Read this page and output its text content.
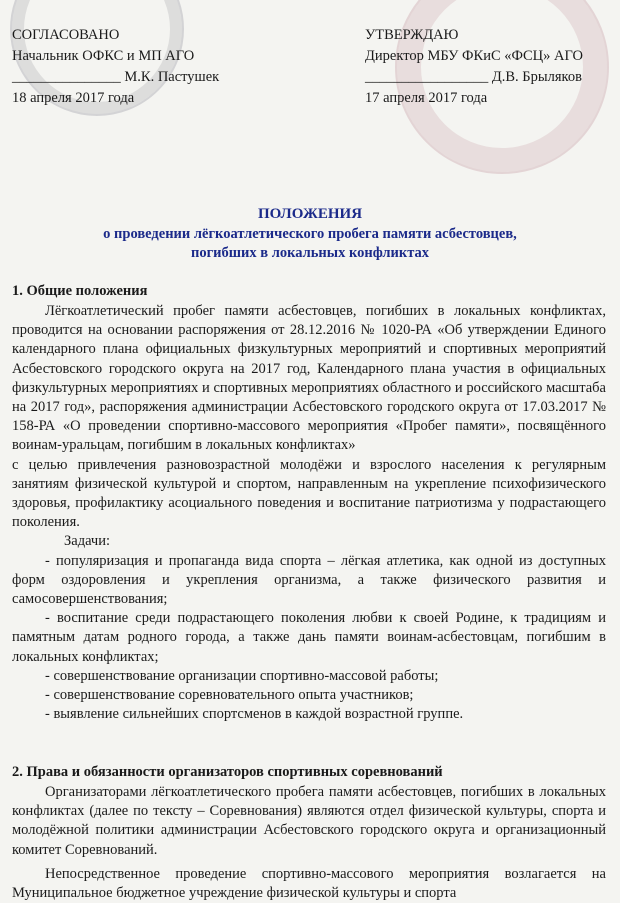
СОГЛАСОВАНО
Начальник ОФКС и МП АГО
_______________ М.К. Пастушек
18 апреля 2017 года
УТВЕРЖДАЮ
Директор МБУ ФКиС «ФСЦ» АГО
_________________ Д.В. Брыляков
17 апреля 2017 года
ПОЛОЖЕНИЯ
о проведении лёгкоатлетического пробега памяти асбестовцев,
погибших в локальных конфликтах
1. Общие положения

Лёгкоатлетический пробег памяти асбестовцев, погибших в локальных конфликтах, проводится на основании распоряжения от 28.12.2016 № 1020-РА «Об утверждении Единого календарного плана официальных физкультурных мероприятий и спортивных мероприятий Асбестовского городского округа на 2017 год, Календарного плана участия в официальных физкультурных мероприятиях и спортивных мероприятиях областного и российского масштаба на 2017 год», распоряжения администрации Асбестовского городского округа от 17.03.2017 № 158-РА «О проведении спортивно-массового мероприятия «Пробег памяти», посвящённого воинам-уральцам, погибшим в локальных конфликтах»

с целью привлечения разновозрастной молодёжи и взрослого населения к регулярным занятиям физической культурой и спортом, направленным на укрепление психофизического здоровья, профилактику асоциального поведения и воспитание патриотизма у подрастающего поколения.

Задачи:

- популяризация и пропаганда вида спорта – лёгкая атлетика, как одной из доступных форм оздоровления и укрепления организма, а также физического развития и самосовершенствования;

- воспитание среди подрастающего поколения любви к своей Родине, к традициям и памятным датам родного города, а также дань памяти воинам-асбестовцам, погибшим в локальных конфликтах;

- совершенствование организации спортивно-массовой работы;

- совершенствование соревновательного опыта участников;

- выявление сильнейших спортсменов в каждой возрастной группе.

2. Права и обязанности организаторов спортивных соревнований

Организаторами лёгкоатлетического пробега памяти асбестовцев, погибших в локальных конфликтах (далее по тексту – Соревнования) являются отдел физической культуры, спорта и молодёжной политики администрации Асбестовского городского округа и организационный комитет Соревнований.

Непосредственное проведение спортивно-массового мероприятия возлагается на Муниципальное бюджетное учреждение физической культуры и спорта
